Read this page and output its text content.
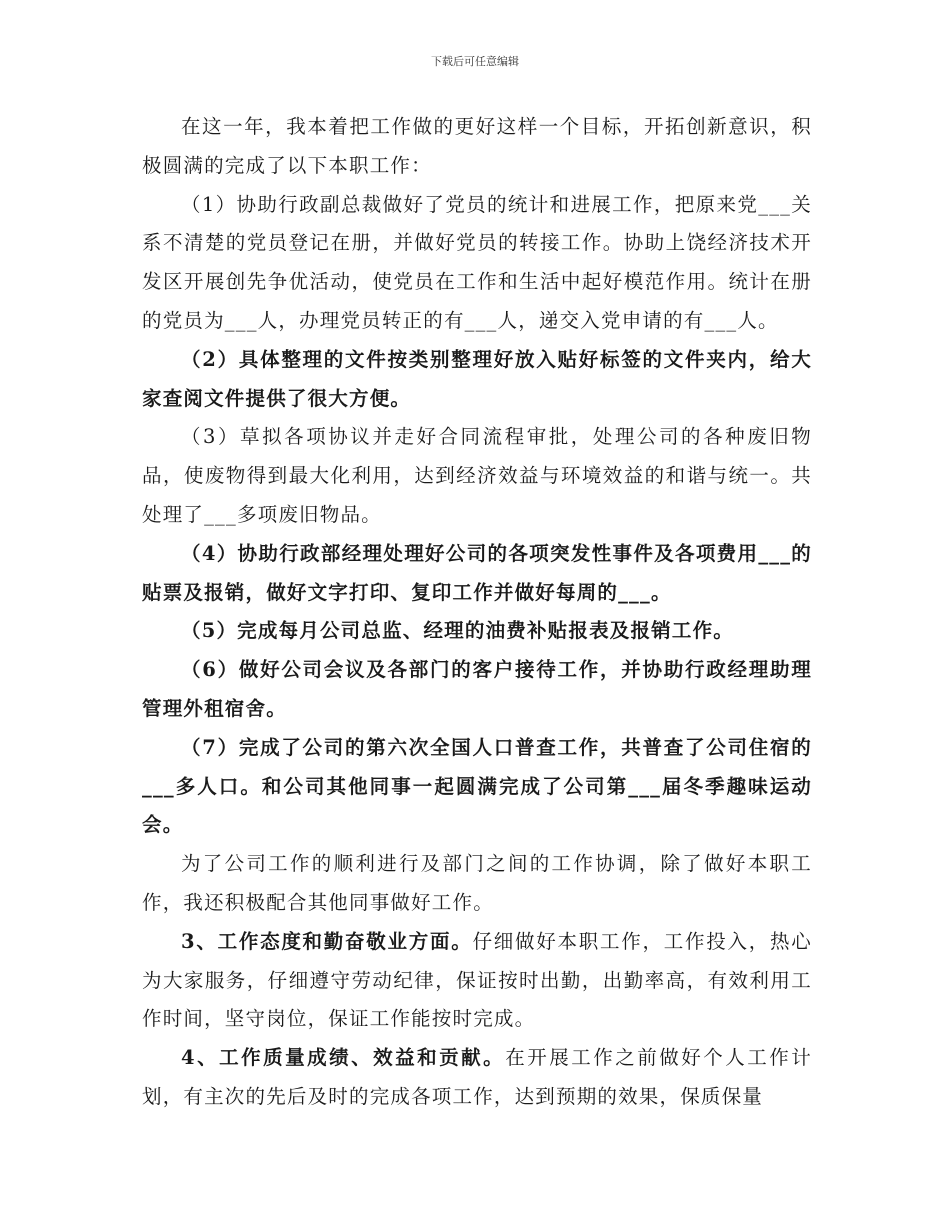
下载后可任意编辑

在这一年，我本着把工作做的更好这样一个目标，开拓创新意识，积极圆满的完成了以下本职工作：

（1）协助行政副总裁做好了党员的统计和进展工作，把原来党___关系不清楚的党员登记在册，并做好党员的转接工作。协助上饶经济技术开发区开展创先争优活动，使党员在工作和生活中起好模范作用。统计在册的党员为___人，办理党员转正的有___人，递交入党申请的有___人。

（2）具体整理的文件按类别整理好放入贴好标签的文件夹内，给大家查阅文件提供了很大方便。

（3）草拟各项协议并走好合同流程审批，处理公司的各种废旧物品，使废物得到最大化利用，达到经济效益与环境效益的和谐与统一。共处理了___多项废旧物品。

（4）协助行政部经理处理好公司的各项突发性事件及各项费用___的贴票及报销，做好文字打印、复印工作并做好每周的___。

（5）完成每月公司总监、经理的油费补贴报表及报销工作。

（6）做好公司会议及各部门的客户接待工作，并协助行政经理助理管理外租宿舍。

（7）完成了公司的第六次全国人口普查工作，共普查了公司住宿的___多人口。和公司其他同事一起圆满完成了公司第___届冬季趣味运动会。

为了公司工作的顺利进行及部门之间的工作协调，除了做好本职工作，我还积极配合其他同事做好工作。

3、工作态度和勤奋敬业方面。仔细做好本职工作，工作投入，热心为大家服务，仔细遵守劳动纪律，保证按时出勤，出勤率高，有效利用工作时间，坚守岗位，保证工作能按时完成。

4、工作质量成绩、效益和贡献。在开展工作之前做好个人工作计划，有主次的先后及时的完成各项工作，达到预期的效果，保质保量
